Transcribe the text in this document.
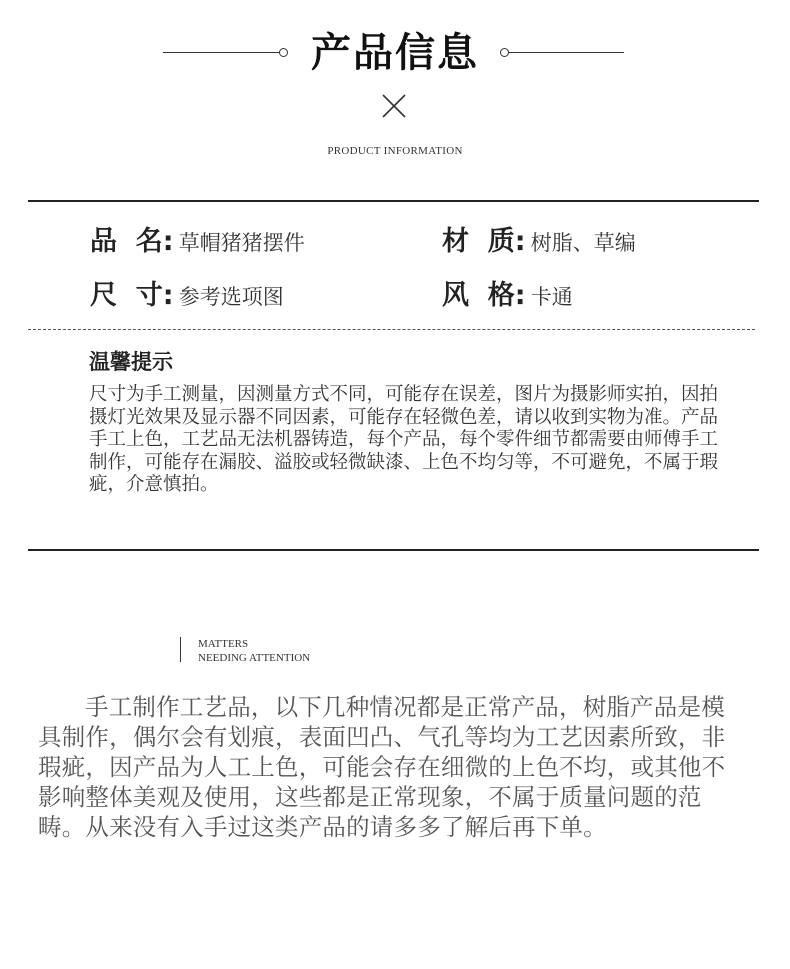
产品信息
PRODUCT INFORMATION
品  名: 草帽猪猪摆件	材  质: 树脂、草编
尺  寸: 参考选项图	风  格: 卡通
温馨提示
尺寸为手工测量，因测量方式不同，可能存在误差，图片为摄影师实拍，因拍摄灯光效果及显示器不同因素，可能存在轻微色差，请以收到实物为准。产品手工上色，工艺品无法机器铸造，每个产品，每个零件细节都需要由师傅手工制作，可能存在漏胶、溢胶或轻微缺漆、上色不均匀等，不可避免，不属于瑕疵，介意慎拍。
MATTERS
NEEDING ATTENTION
手工制作工艺品，以下几种情况都是正常产品，树脂产品是模具制作，偶尔会有划痕，表面凹凸、气孔等均为工艺因素所致，非瑕疵，因产品为人工上色，可能会存在细微的上色不均，或其他不影响整体美观及使用，这些都是正常现象，不属于质量问题的范畴。从来没有入手过这类产品的请多多了解后再下单。
